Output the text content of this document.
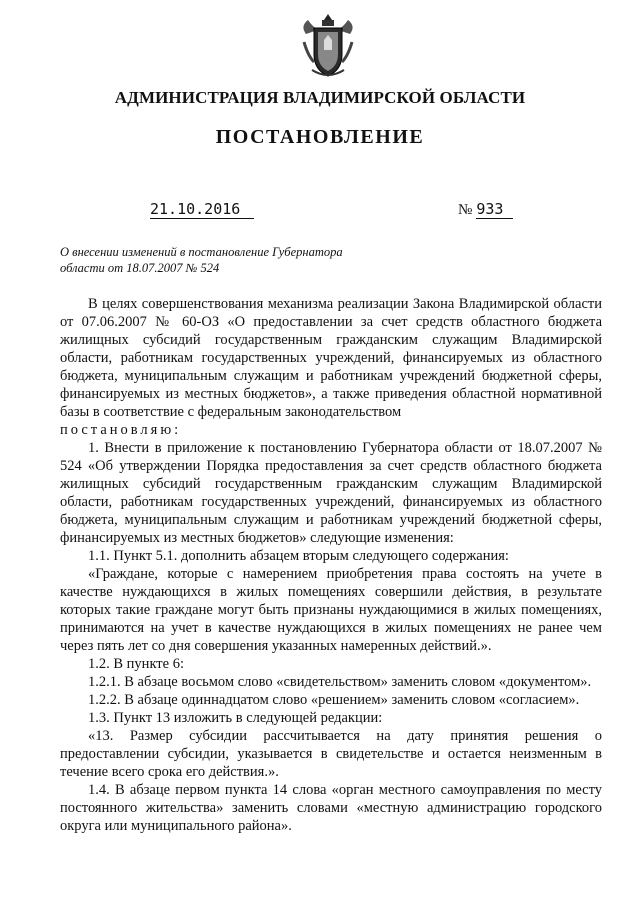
АДМИНИСТРАЦИЯ ВЛАДИМИРСКОЙ ОБЛАСТИ
ПОСТАНОВЛЕНИЕ
21.10.2016	№ 933
О внесении изменений в постановление Губернатора
области от 18.07.2007 № 524

В целях совершенствования механизма реализации Закона Владимирской области от 07.06.2007 № 60-ОЗ «О предоставлении за счет средств областного бюджета жилищных субсидий государственным гражданским служащим Владимирской области, работникам государственных учреждений, финансируемых из областного бюджета, муниципальным служащим и работникам учреждений бюджетной сферы, финансируемых из местных бюджетов», а также приведения областной нормативной базы в соответствие с федеральным законодательством

постановляю:

1. Внести в приложение к постановлению Губернатора области от 18.07.2007 № 524 «Об утверждении Порядка предоставления за счет средств областного бюджета жилищных субсидий государственным гражданским служащим Владимирской области, работникам государственных учреждений, финансируемых из областного бюджета, муниципальным служащим и работникам учреждений бюджетной сферы, финансируемых из местных бюджетов» следующие изменения:

1.1. Пункт 5.1. дополнить абзацем вторым следующего содержания:

«Граждане, которые с намерением приобретения права состоять на учете в качестве нуждающихся в жилых помещениях совершили действия, в результате которых такие граждане могут быть признаны нуждающимися в жилых помещениях, принимаются на учет в качестве нуждающихся в жилых помещениях не ранее чем через пять лет со дня совершения указанных намеренных действий.».

1.2. В пункте 6:

1.2.1. В абзаце восьмом слово «свидетельством» заменить словом «документом».

1.2.2. В абзаце одиннадцатом слово «решением» заменить словом «согласием».

1.3. Пункт 13 изложить в следующей редакции:

«13. Размер субсидии рассчитывается на дату принятия решения о предоставлении субсидии, указывается в свидетельстве и остается неизменным в течение всего срока его действия.».

1.4. В абзаце первом пункта 14 слова «орган местного самоуправления по месту постоянного жительства» заменить словами «местную администрацию городского округа или муниципального района».
